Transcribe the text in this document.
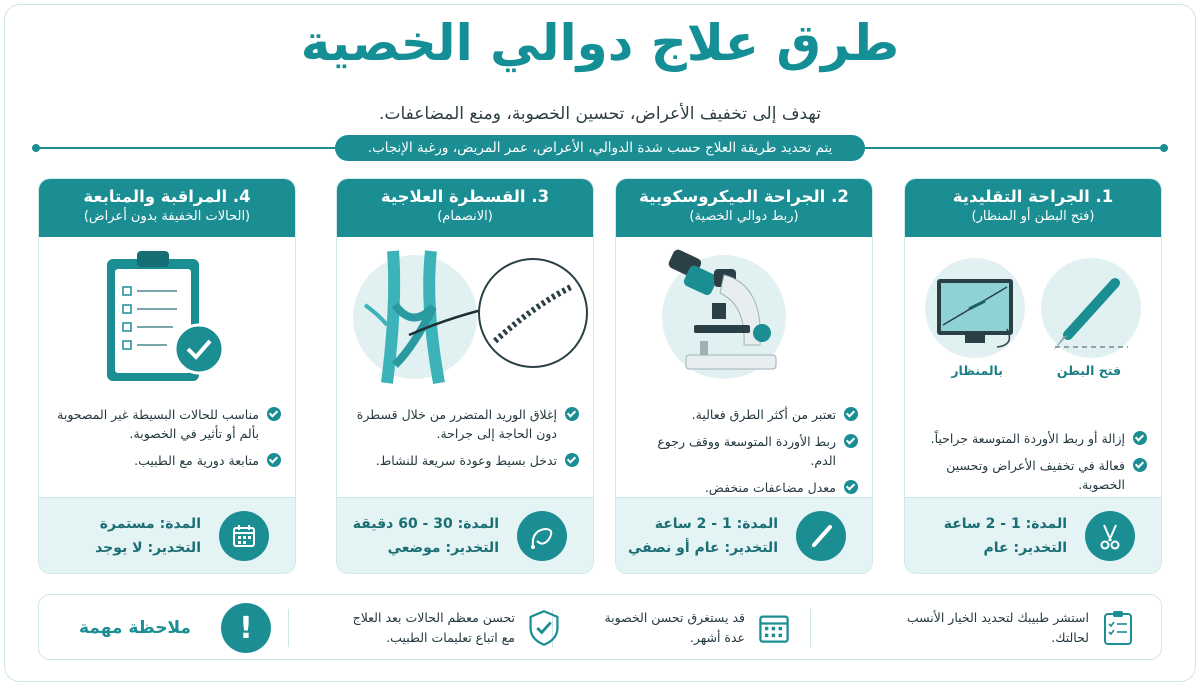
طرق علاج دوالي الخصية
تهدف إلى تخفيف الأعراض، تحسين الخصوبة، ومنع المضاعفات.
يتم تحديد طريقة العلاج حسب شدة الدوالي، الأعراض، عمر المريض، ورغبة الإنجاب.
1. الجراحة التقليدية
(فتح البطن أو المنظار)
فتح البطن
بالمنظار
إزالة أو ربط الأوردة المتوسعة جراحياً.
فعالة في تخفيف الأعراض وتحسين الخصوبة.
المدة: 1 - 2 ساعة
التخدير: عام
2. الجراحة الميكروسكوبية
(ربط دوالي الخصية)
تعتبر من أكثر الطرق فعالية.
ربط الأوردة المتوسعة ووقف رجوع الدم.
معدل مضاعفات منخفض.
المدة: 1 - 2 ساعة
التخدير: عام أو نصفي
3. القسطرة العلاجية
(الانصمام)
إغلاق الوريد المتضرر من خلال قسطرة دون الحاجة إلى جراحة.
تدخل بسيط وعودة سريعة للنشاط.
المدة: 30 - 60 دقيقة
التخدير: موضعي
4. المراقبة والمتابعة
(الحالات الخفيفة بدون أعراض)
مناسب للحالات البسيطة غير المصحوبة بألم أو تأثير في الخصوبة.
متابعة دورية مع الطبيب.
المدة: مستمرة
التخدير: لا يوجد
استشر طبيبك لتحديد الخيار الأنسب
لحالتك.
قد يستغرق تحسن الخصوبة
عدة أشهر.
تحسن معظم الحالات بعد العلاج
مع اتباع تعليمات الطبيب.
ملاحظة مهمة	!
